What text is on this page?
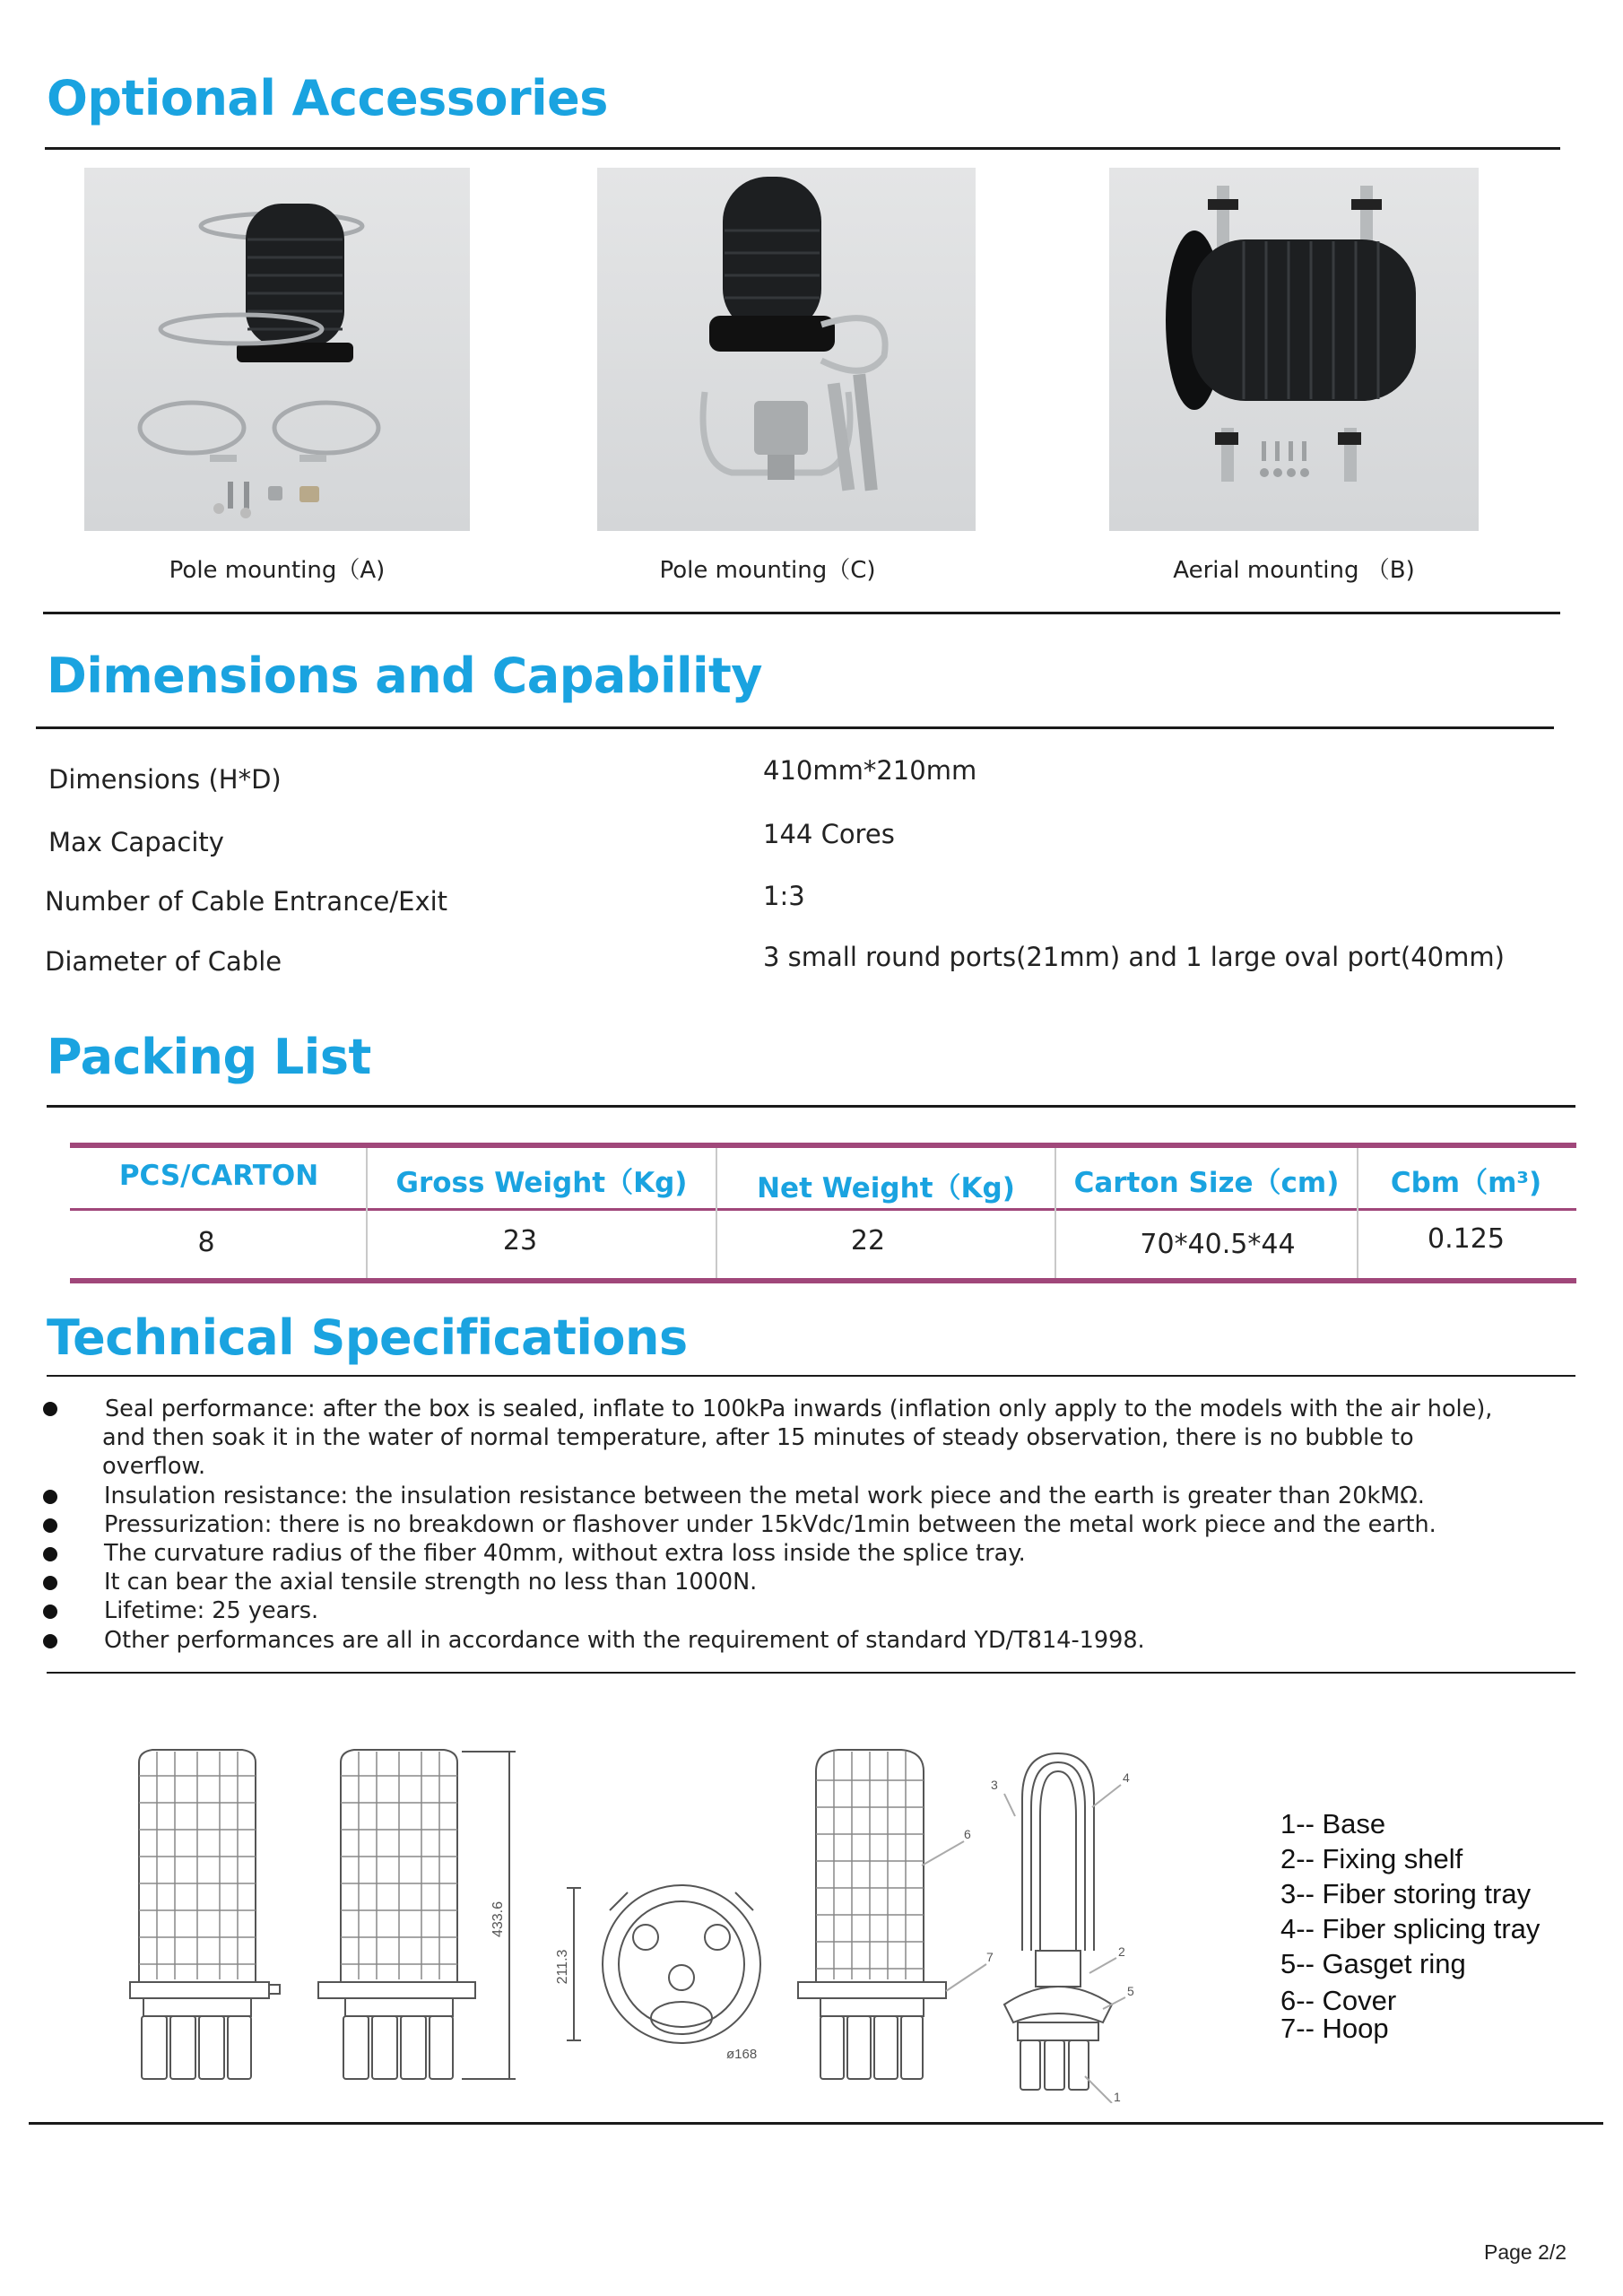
Optional Accessories
Pole mounting（A)	Pole mounting（C)	Aerial mounting （B)
Dimensions and Capability
Dimensions (H*D)	410mm*210mm
Max Capacity	144 Cores
Number of Cable Entrance/Exit	1:3
Diameter of Cable	3 small round ports(21mm) and 1 large oval port(40mm)
Packing List
PCS/CARTON	Gross Weight（Kg)	Net Weight（Kg)	Carton Size（cm)	Cbm（m³)
8	23	22	70*40.5*44	0.125
Technical Specifications
Seal performance: after the box is sealed, inflate to 100kPa inwards (inflation only apply to the models with the air hole), and then soak it in the water of normal temperature, after 15 minutes of steady observation, there is no bubble to overflow.
Insulation resistance: the insulation resistance between the metal work piece and the earth is greater than 20kMΩ.
Pressurization: there is no breakdown or flashover under 15kVdc/1min between the metal work piece and the earth.
The curvature radius of the fiber 40mm, without extra loss inside the splice tray.
It can bear the axial tensile strength no less than 1000N.
Lifetime: 25 years.
Other performances are all in accordance with the requirement of standard YD/T814-1998.
433.6
211.3
ø168
6
7
3	4
2
5
1
1-- Base
2-- Fixing shelf
3-- Fiber storing tray
4-- Fiber splicing tray
5-- Gasget ring
6-- Cover
7-- Hoop
Page 2/2
